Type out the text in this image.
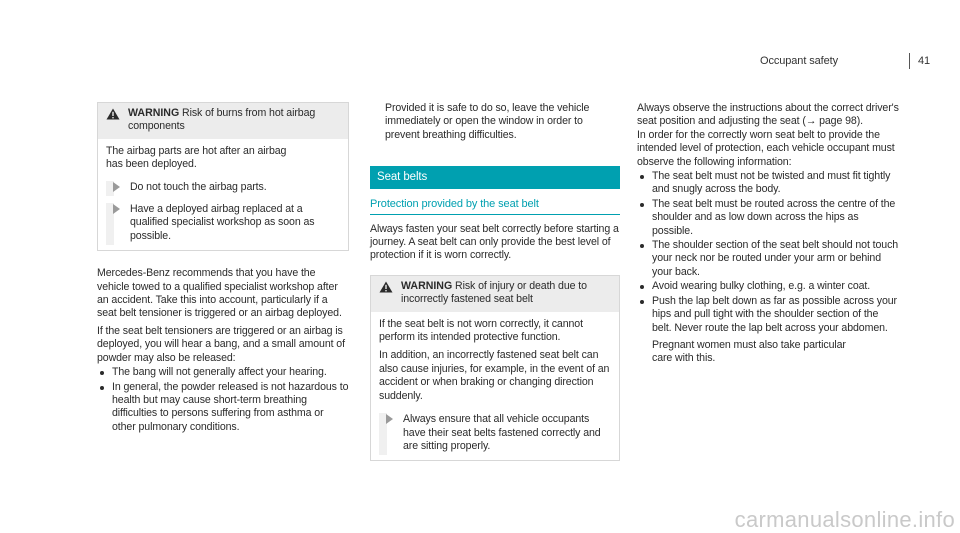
Occupant safety	41
WARNING Risk of burns from hot airbag
components

The airbag parts are hot after an airbag has been deployed.

Do not touch the airbag parts.
Have a deployed airbag replaced at a qualified specialist workshop as soon as possible.

Mercedes-Benz recommends that you have the vehicle towed to a qualified specialist workshop after an accident. Take this into account, particularly if a seat belt tensioner is triggered or an airbag deployed.

If the seat belt tensioners are triggered or an airbag is deployed, you will hear a bang, and a small amount of powder may also be released:

The bang will not generally affect your hearing.
In general, the powder released is not hazardous to health but may cause short-term breathing difficulties to persons suffering from asthma or other pulmonary conditions.

Provided it is safe to do so, leave the vehicle immediately or open the window in order to prevent breathing difficulties.

Seat belts
Protection provided by the seat belt

Always fasten your seat belt correctly before starting a journey. A seat belt can only provide the best level of protection if it is worn correctly.

WARNING Risk of injury or death due to
incorrectly fastened seat belt

If the seat belt is not worn correctly, it cannot perform its intended protective function.

In addition, an incorrectly fastened seat belt can also cause injuries, for example, in the event of an accident or when braking or changing direction suddenly.

Always ensure that all vehicle occupants have their seat belts fastened correctly and are sitting properly.

Always observe the instructions about the correct driver's seat position and adjusting the seat (→ page 98).

In order for the correctly worn seat belt to provide the intended level of protection, each vehicle occupant must observe the following information:

The seat belt must not be twisted and must fit tightly and snugly across the body.
The seat belt must be routed across the centre of the shoulder and as low down across the hips as possible.
The shoulder section of the seat belt should not touch your neck nor be routed under your arm or behind your back.
Avoid wearing bulky clothing, e.g. a winter coat.
Push the lap belt down as far as possible across your hips and pull tight with the shoulder section of the belt. Never route the lap belt across your abdomen.

Pregnant women must also take particular care with this.

carmanualsonline.info
